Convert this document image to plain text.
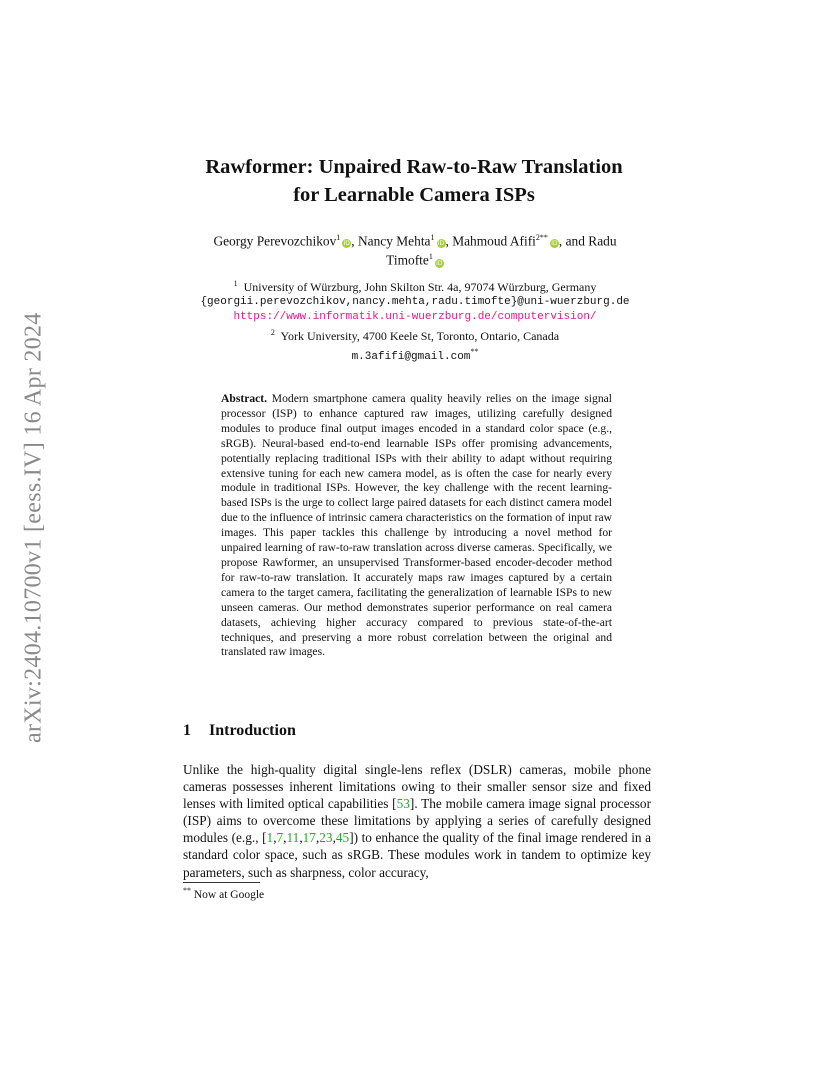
arXiv:2404.10700v1 [eess.IV] 16 Apr 2024
Rawformer: Unpaired Raw-to-Raw Translation
for Learnable Camera ISPs
Georgy Perevozchikov$^1$iD, Nancy Mehta$^1$iD, Mahmoud Afifi$^{2**}$iD, and Radu
Timofte$^1$iD
$^1$ University of Würzburg, John Skilton Str. 4a, 97074 Würzburg, Germany
{georgii.perevozchikov,nancy.mehta,radu.timofte}@uni-wuerzburg.de
https://www.informatik.uni-wuerzburg.de/computervision/
$^2$ York University, 4700 Keele St, Toronto, Ontario, Canada
m.3afifi@gmail.com**
Abstract. Modern smartphone camera quality heavily relies on the image signal processor (ISP) to enhance captured raw images, utilizing carefully designed modules to produce final output images encoded in a standard color space (e.g., sRGB). Neural-based end-to-end learnable ISPs offer promising advancements, potentially replacing traditional ISPs with their ability to adapt without requiring extensive tuning for each new camera model, as is often the case for nearly every module in traditional ISPs. However, the key challenge with the recent learning-based ISPs is the urge to collect large paired datasets for each distinct camera model due to the influence of intrinsic camera characteristics on the formation of input raw images. This paper tackles this challenge by introducing a novel method for unpaired learning of raw-to-raw translation across diverse cameras. Specifically, we propose Rawformer, an unsupervised Transformer-based encoder-decoder method for raw-to-raw translation. It accurately maps raw images captured by a certain camera to the target camera, facilitating the generalization of learnable ISPs to new unseen cameras. Our method demonstrates superior performance on real camera datasets, achieving higher accuracy compared to previous state-of-the-art techniques, and preserving a more robust correlation between the original and translated raw images.
1 Introduction
Unlike the high-quality digital single-lens reflex (DSLR) cameras, mobile phone cameras possesses inherent limitations owing to their smaller sensor size and fixed lenses with limited optical capabilities [53]. The mobile camera image signal processor (ISP) aims to overcome these limitations by applying a series of carefully designed modules (e.g., [1,7,11,17,23,45]) to enhance the quality of the final image rendered in a standard color space, such as sRGB. These modules work in tandem to optimize key parameters, such as sharpness, color accuracy,
** Now at Google
